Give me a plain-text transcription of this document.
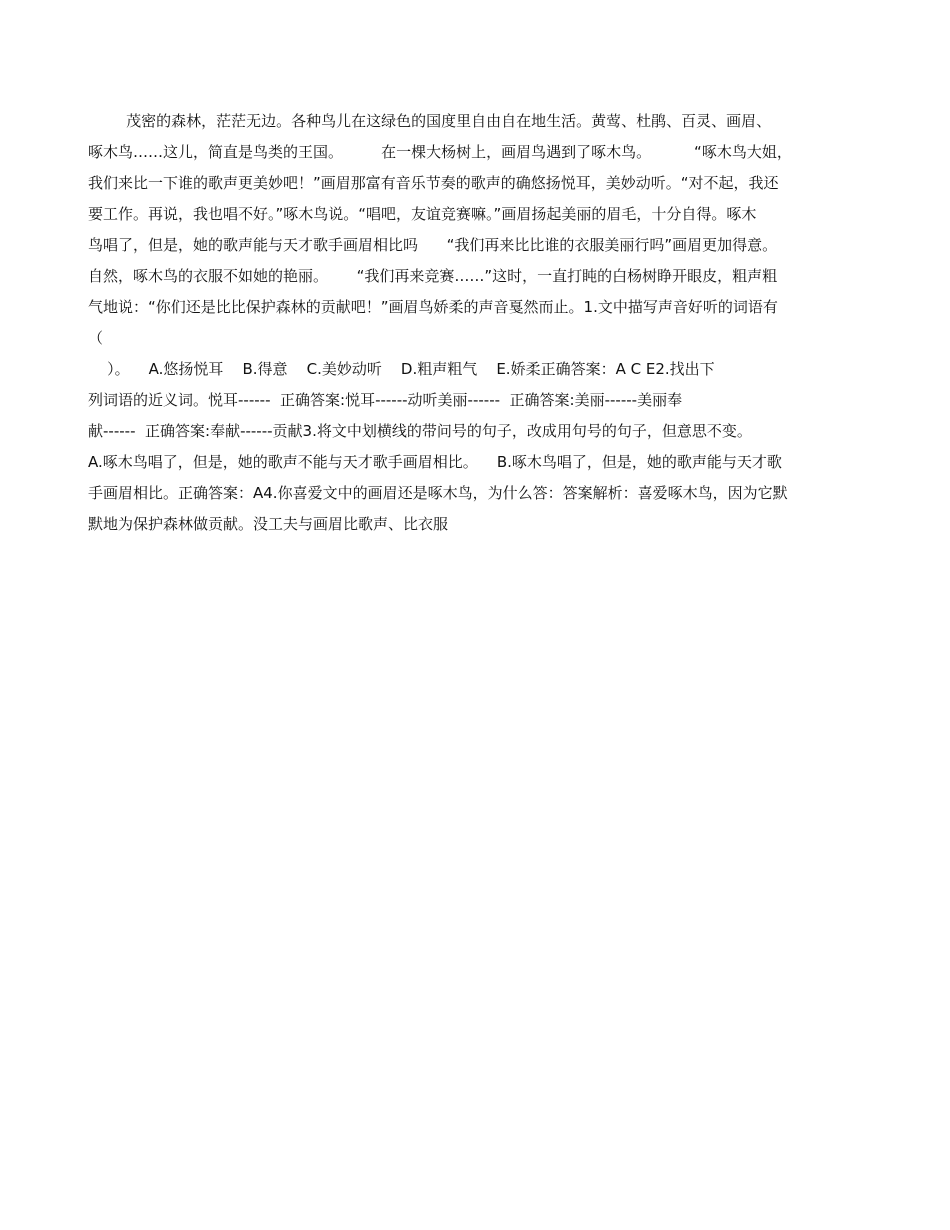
茂密的森林，茫茫无边。各种鸟儿在这绿色的国度里自由自在地生活。黄莺、杜鹃、百灵、画眉、
啄木鸟……这儿，简直是鸟类的王国。        在一棵大杨树上，画眉鸟遇到了啄木鸟。         “啄木鸟大姐，
我们来比一下谁的歌声更美妙吧！”画眉那富有音乐节奏的歌声的确悠扬悦耳，美妙动听。“对不起，我还
要工作。再说，我也唱不好。”啄木鸟说。“唱吧，友谊竞赛嘛。”画眉扬起美丽的眉毛，十分自得。啄木
鸟唱了，但是，她的歌声能与天才歌手画眉相比吗      “我们再来比比谁的衣服美丽行吗”画眉更加得意。
自然，啄木鸟的衣服不如她的艳丽。      “我们再来竞赛……”这时，一直打盹的白杨树睁开眼皮，粗声粗
气地说：“你们还是比比保护森林的贡献吧！”画眉鸟娇柔的声音戛然而止。1.文中描写声音好听的词语有
（
）。    A.悠扬悦耳    B.得意    C.美妙动听    D.粗声粗气    E.娇柔正确答案：A C E2.找出下
列词语的近义词。悦耳------  正确答案:悦耳------动听美丽------  正确答案:美丽------美丽奉
献------  正确答案:奉献------贡献3.将文中划横线的带问号的句子，改成用句号的句子，但意思不变。
A.啄木鸟唱了，但是，她的歌声不能与天才歌手画眉相比。    B.啄木鸟唱了，但是，她的歌声能与天才歌
手画眉相比。正确答案：A4.你喜爱文中的画眉还是啄木鸟，为什么答：答案解析：喜爱啄木鸟，因为它默
默地为保护森林做贡献。没工夫与画眉比歌声、比衣服
